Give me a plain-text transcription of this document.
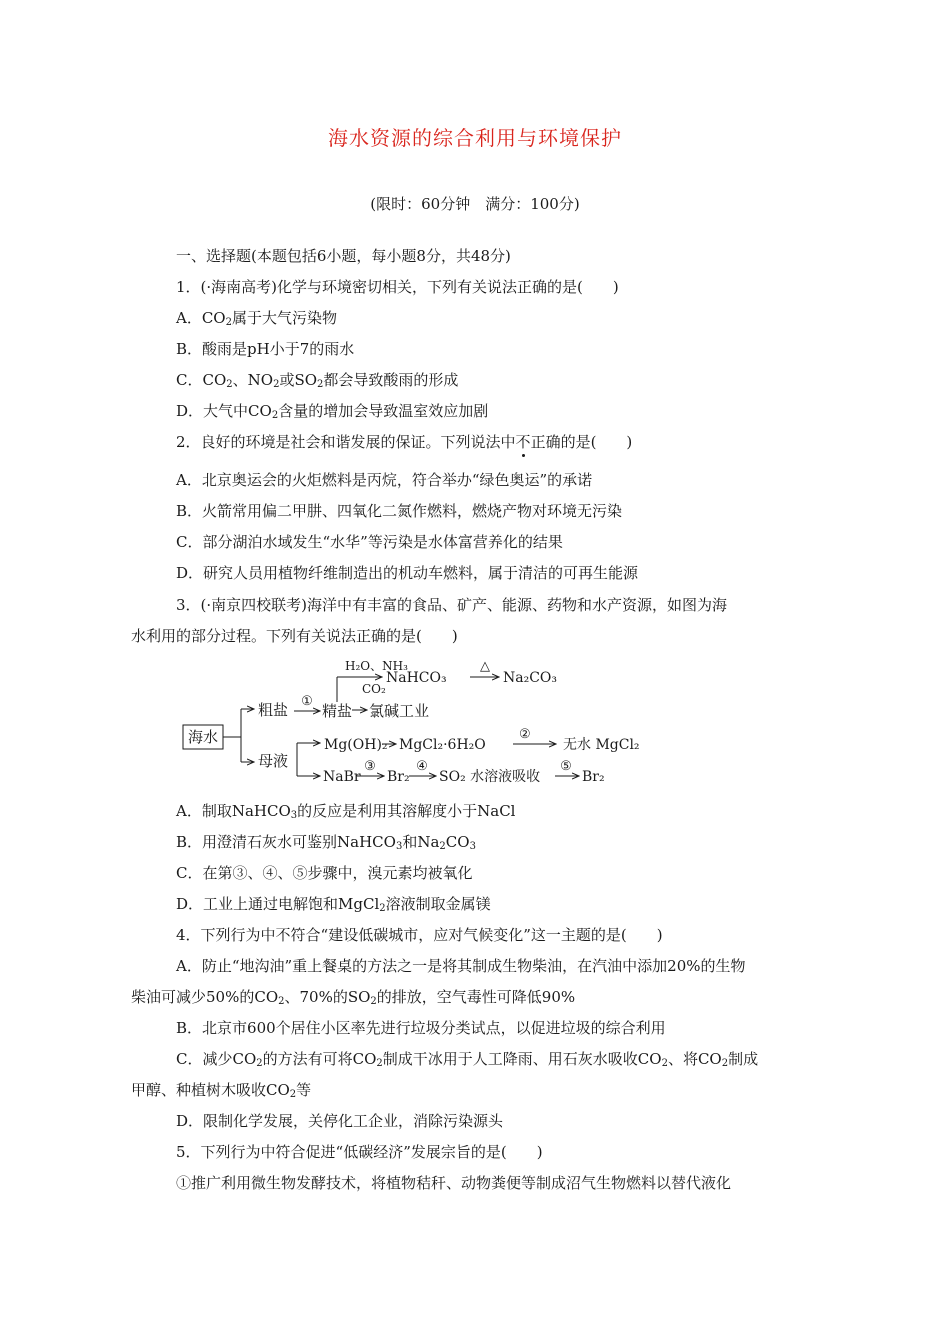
海水资源的综合利用与环境保护
(限时：60分钟　满分：100分)
一、选择题(本题包括6小题，每小题8分，共48分)
1．(·海南高考)化学与环境密切相关，下列有关说法正确的是(　　)
A．$CO_2$属于大气污染物
B．酸雨是pH小于7的雨水
C．$CO_2$、$NO_2$或$SO_2$都会导致酸雨的形成
D．大气中$CO_2$含量的增加会导致温室效应加剧
2．良好的环境是社会和谐发展的保证。下列说法中不正确的是(　　)
A．北京奥运会的火炬燃料是丙烷，符合举办“绿色奥运”的承诺
B．火箭常用偏二甲肼、四氧化二氮作燃料，燃烧产物对环境无污染
C．部分湖泊水域发生“水华”等污染是水体富营养化的结果
D．研究人员用植物纤维制造出的机动车燃料，属于清洁的可再生能源
3．(·南京四校联考)海洋中有丰富的食品、矿产、能源、药物和水产资源，如图为海
水利用的部分过程。下列有关说法正确的是(　　)
海水
粗盐 ①
精盐 氯碱工业
H₂O、NH₃
CO₂
NaHCO₃
△
Na₂CO₃
母液
Mg(OH)₂ MgCl₂·6H₂O
②
无水 MgCl₂
NaBr
③
Br₂
④
SO₂ 水溶液吸收
⑤
Br₂
A．制取NaHCO$_3$的反应是利用其溶解度小于NaCl
B．用澄清石灰水可鉴别NaHCO$_3$和$Na_2CO_3$
C．在第③、④、⑤步骤中，溴元素均被氧化
D．工业上通过电解饱和MgCl$_2$溶液制取金属镁
4．下列行为中不符合“建设低碳城市，应对气候变化”这一主题的是(　　)
A．防止“地沟油”重上餐桌的方法之一是将其制成生物柴油，在汽油中添加20%的生物
柴油可减少50%的$CO_2$、70%的$SO_2$的排放，空气毒性可降低90%
B．北京市600个居住小区率先进行垃圾分类试点，以促进垃圾的综合利用
C．减少$CO_2$的方法有可将$CO_2$制成干冰用于人工降雨、用石灰水吸收$CO_2$、将$CO_2$制成
甲醇、种植树木吸收$CO_2$等
D．限制化学发展，关停化工企业，消除污染源头
5．下列行为中符合促进“低碳经济”发展宗旨的是(　　)
①推广利用微生物发酵技术，将植物秸秆、动物粪便等制成沼气生物燃料以替代液化
